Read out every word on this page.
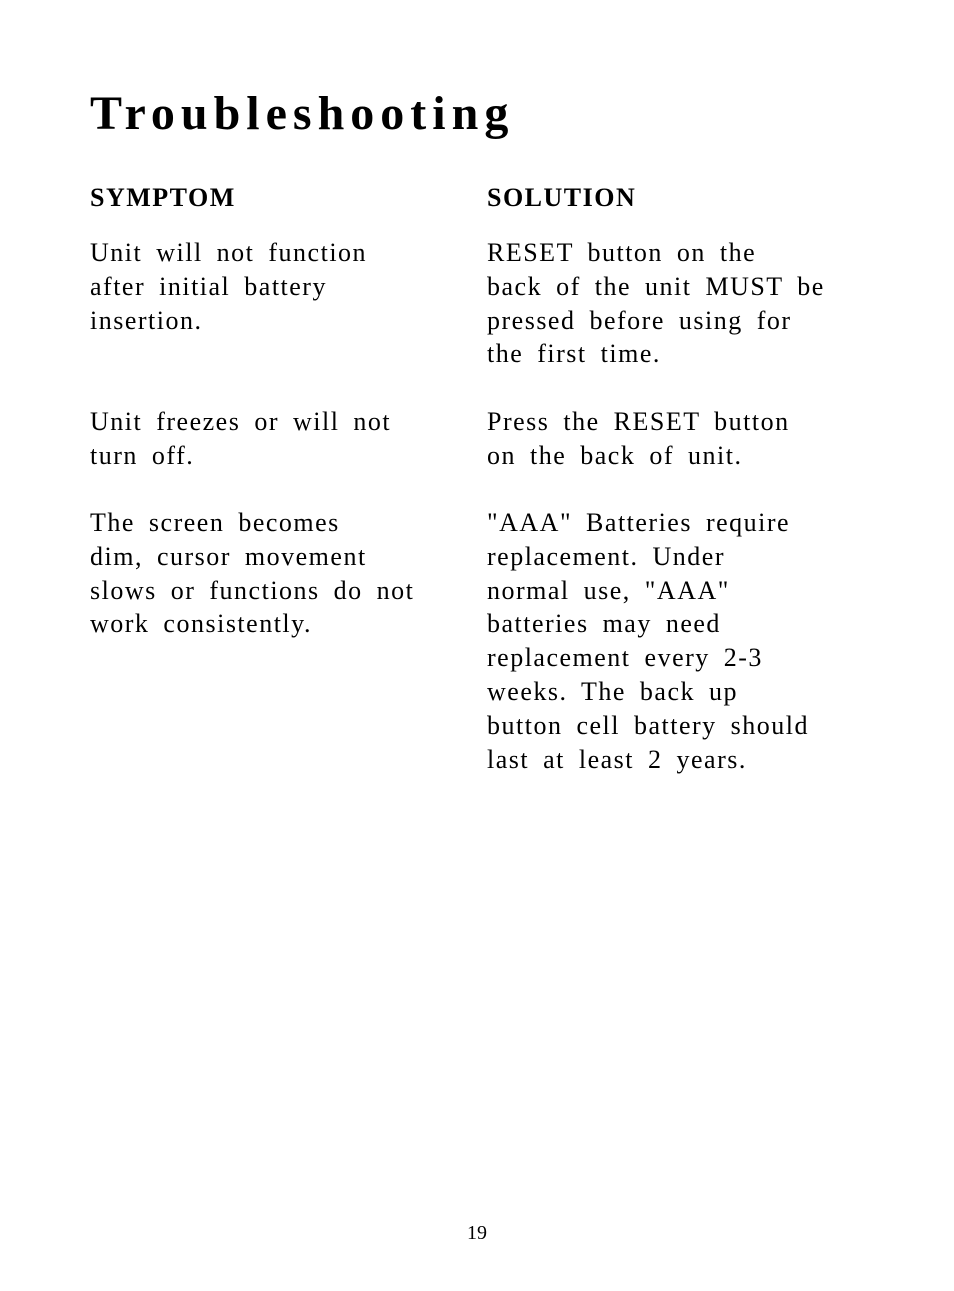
Troubleshooting
SYMPTOM	SOLUTION

Unit will not function
after initial battery
insertion.

RESET button on the
back of the unit MUST be
pressed before using for
the first time.

Unit freezes or will not
turn off.

Press the RESET button
on the back of unit.

The screen becomes
dim, cursor movement
slows or functions do not
work consistently.

"AAA" Batteries require
replacement. Under
normal use, "AAA"
batteries may need
replacement every 2-3
weeks. The back up
button cell battery should
last at least 2 years.

19
